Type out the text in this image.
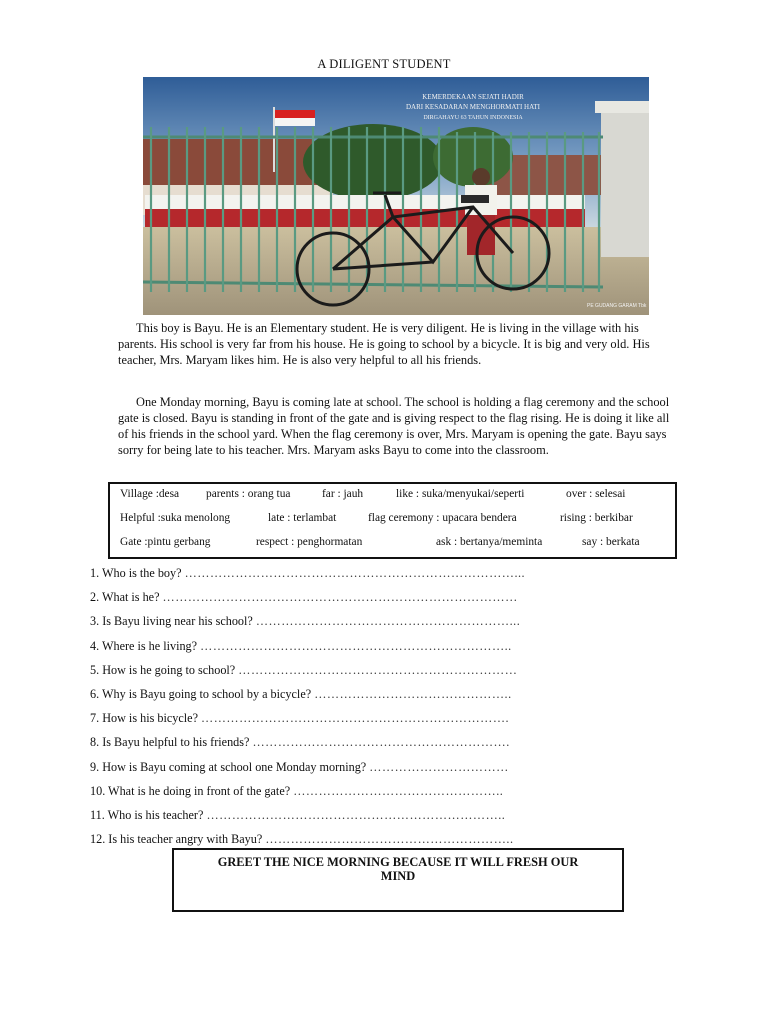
A DILIGENT STUDENT
KEMERDEKAAN SEJATI HADIR
DARI KESADARAN MENGHORMATI HATI
DIRGAHAYU 63 TAHUN INDONESIA
PE GUDANG GARAM Tbk

This boy is Bayu. He is an Elementary student. He is very diligent. He is living in the village with his parents. His school is very far from his house. He is going to school by a bicycle. It is big and very old. His teacher, Mrs. Maryam likes him. He is also very helpful to all his friends.

One Monday morning, Bayu is coming late at school. The school is holding a flag ceremony and the school gate is closed. Bayu is standing in front of the gate and is giving respect to the flag rising. He is doing it like all of his friends in the school yard. When the flag ceremony is over, Mrs. Maryam is opening the gate. Bayu says sorry for being late to his teacher. Mrs. Maryam asks Bayu to come into the classroom.

Village :desa parents : orang tua	far : jauh	like : suka/menyukai/seperti	over : selesai
Helpful :suka menolong	late : terlambat	flag ceremony : upacara bendera	rising : berkibar
Gate :pintu gerbang	respect : penghormatan	ask : bertanya/meminta	say : berkata
1. Who is the boy? ……………………………………………………………………...
2. What is he? …………………………………………………………………………
3. Is Bayu living near his school? ……………………………………………………...
4. Where is he living? ………………………………………………………………..
5. How is he going to school? …………………………………………………………
6. Why is Bayu going to school by a bicycle? ………………………………………..
7. How is his bicycle? ……………………………………………………………….
8. Is Bayu helpful to his friends? …………………………………………………….
9. How is Bayu coming at school one Monday morning? ……………………………
10. What is he doing in front of the gate? …………………………………………..
11. Who is his teacher? ……………………………………………………………..
12. Is his teacher angry with Bayu? …………………………………………………..
GREET THE NICE MORNING BECAUSE IT WILL FRESH OUR MIND
